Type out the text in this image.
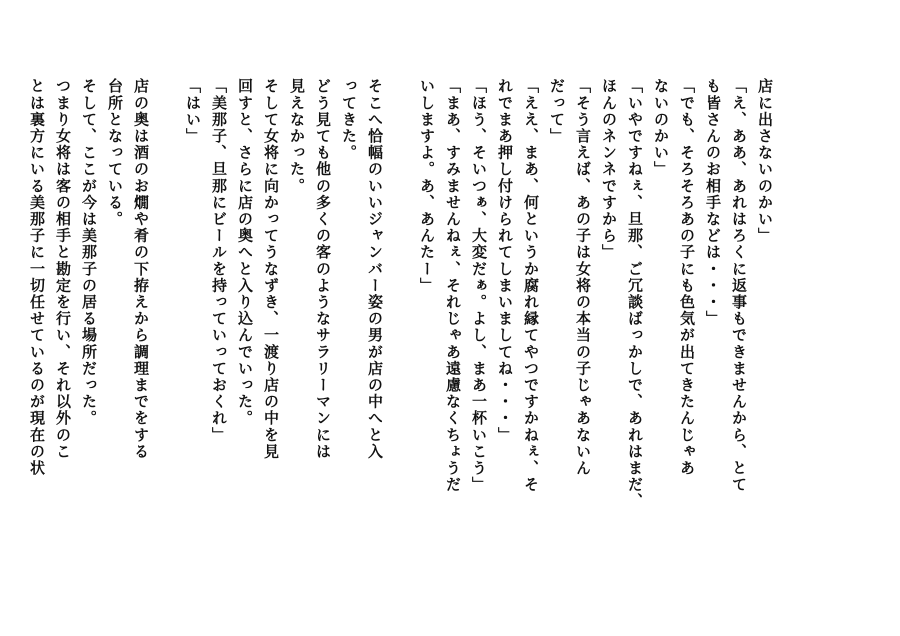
店に出さないのかい」
「え、ああ、あれはろくに返事もできませんから、とて
も皆さんのお相手などは・・・」
「でも、そろそろあの子にも色気が出てきたんじゃあ
ないのかい」
「いやですねぇ、旦那、ご冗談ばっかしで、あれはまだ、
ほんのネンネですから」
「そう言えば、あの子は女将の本当の子じゃあないん
だって」
「ええ、まあ、何というか腐れ縁てやつですかねぇ、そ
れでまあ押し付けられてしまいましてね・・・」
「ほう、そいつぁ、大変だぁ。よし、まあ一杯いこう」
「まあ、すみませんねぇ、それじゃあ遠慮なくちょうだ
いしますよ。あ、あんたー」
そこへ恰幅のいいジャンバー姿の男が店の中へと入
ってきた。
どう見ても他の多くの客のようなサラリーマンには
見えなかった。
そして女将に向かってうなずき、一渡り店の中を見
回すと、さらに店の奥へと入り込んでいった。
「美那子、旦那にビールを持っていっておくれ」
「はい」
店の奥は酒のお燗や肴の下拵えから調理までをする
台所となっている。
そして、ここが今は美那子の居る場所だった。
つまり女将は客の相手と勘定を行い、それ以外のこ
とは裏方にいる美那子に一切任せているのが現在の状
